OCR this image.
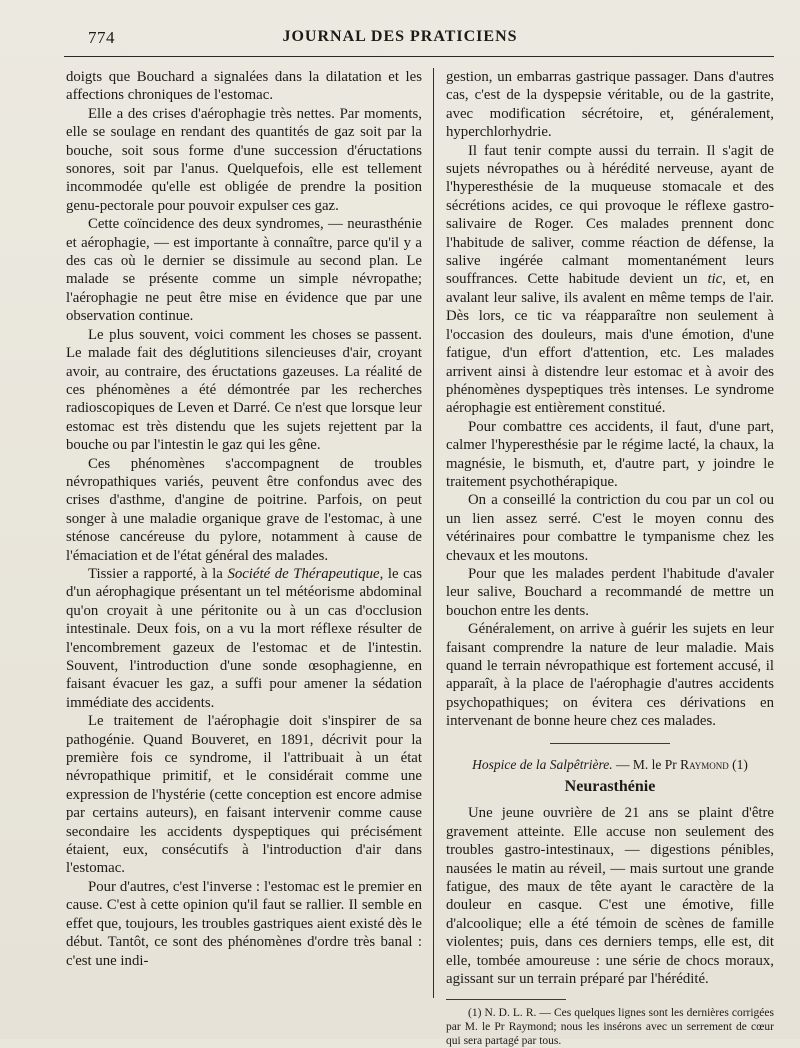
774	JOURNAL DES PRATICIENS

doigts que Bouchard a signalées dans la dilatation et les affections chroniques de l'estomac.

Elle a des crises d'aérophagie très nettes. Par moments, elle se soulage en rendant des quantités de gaz soit par la bouche, soit sous forme d'une succession d'éructations sonores, soit par l'anus. Quelquefois, elle est tellement incommodée qu'elle est obligée de prendre la position genu-pectorale pour pouvoir expulser ces gaz.

Cette coïncidence des deux syndromes, — neurasthénie et aérophagie, — est importante à connaître, parce qu'il y a des cas où le dernier se dissimule au second plan. Le malade se présente comme un simple névropathe; l'aérophagie ne peut être mise en évidence que par une observation continue.

Le plus souvent, voici comment les choses se passent. Le malade fait des déglutitions silencieuses d'air, croyant avoir, au contraire, des éructations gazeuses. La réalité de ces phénomènes a été démontrée par les recherches radioscopiques de Leven et Darré. Ce n'est que lorsque leur estomac est très distendu que les sujets rejettent par la bouche ou par l'intestin le gaz qui les gêne.

Ces phénomènes s'accompagnent de troubles névropathiques variés, peuvent être confondus avec des crises d'asthme, d'angine de poitrine. Parfois, on peut songer à une maladie organique grave de l'estomac, à une sténose cancéreuse du pylore, notamment à cause de l'émaciation et de l'état général des malades.

Tissier a rapporté, à la Société de Thérapeutique, le cas d'un aérophagique présentant un tel météorisme abdominal qu'on croyait à une péritonite ou à un cas d'occlusion intestinale. Deux fois, on a vu la mort réflexe résulter de l'encombrement gazeux de l'estomac et de l'intestin. Souvent, l'introduction d'une sonde œsophagienne, en faisant évacuer les gaz, a suffi pour amener la sédation immédiate des accidents.

Le traitement de l'aérophagie doit s'inspirer de sa pathogénie. Quand Bouveret, en 1891, décrivit pour la première fois ce syndrome, il l'attribuait à un état névropathique primitif, et le considérait comme une expression de l'hystérie (cette conception est encore admise par certains auteurs), en faisant intervenir comme cause secondaire les accidents dyspeptiques qui précisément étaient, eux, consécutifs à l'introduction d'air dans l'estomac.

Pour d'autres, c'est l'inverse : l'estomac est le premier en cause. C'est à cette opinion qu'il faut se rallier. Il semble en effet que, toujours, les troubles gastriques aient existé dès le début. Tantôt, ce sont des phénomènes d'ordre très banal : c'est une indi-

gestion, un embarras gastrique passager. Dans d'autres cas, c'est de la dyspepsie véritable, ou de la gastrite, avec modification sécrétoire, et, généralement, hyperchlorhydrie.

Il faut tenir compte aussi du terrain. Il s'agit de sujets névropathes ou à hérédité nerveuse, ayant de l'hyperesthésie de la muqueuse stomacale et des sécrétions acides, ce qui provoque le réflexe gastro-salivaire de Roger. Ces malades prennent donc l'habitude de saliver, comme réaction de défense, la salive ingérée calmant momentanément leurs souffrances. Cette habitude devient un tic, et, en avalant leur salive, ils avalent en même temps de l'air. Dès lors, ce tic va réapparaître non seulement à l'occasion des douleurs, mais d'une émotion, d'une fatigue, d'un effort d'attention, etc. Les malades arrivent ainsi à distendre leur estomac et à avoir des phénomènes dyspeptiques très intenses. Le syndrome aérophagie est entièrement constitué.

Pour combattre ces accidents, il faut, d'une part, calmer l'hyperesthésie par le régime lacté, la chaux, la magnésie, le bismuth, et, d'autre part, y joindre le traitement psychothérapique.

On a conseillé la contriction du cou par un col ou un lien assez serré. C'est le moyen connu des vétérinaires pour combattre le tympanisme chez les chevaux et les moutons.

Pour que les malades perdent l'habitude d'avaler leur salive, Bouchard a recommandé de mettre un bouchon entre les dents.

Généralement, on arrive à guérir les sujets en leur faisant comprendre la nature de leur maladie. Mais quand le terrain névropathique est fortement accusé, il apparaît, à la place de l'aérophagie d'autres accidents psychopathiques; on évitera ces dérivations en intervenant de bonne heure chez ces malades.

Hospice de la Salpêtrière. — M. le Pr Raymond (1)
Neurasthénie

Une jeune ouvrière de 21 ans se plaint d'être gravement atteinte. Elle accuse non seulement des troubles gastro-intestinaux, — digestions pénibles, nausées le matin au réveil, — mais surtout une grande fatigue, des maux de tête ayant le caractère de la douleur en casque. C'est une émotive, fille d'alcoolique; elle a été témoin de scènes de famille violentes; puis, dans ces derniers temps, elle est, dit elle, tombée amoureuse : une série de chocs moraux, agissant sur un terrain préparé par l'hérédité.

(1) N. D. L. R. — Ces quelques lignes sont les dernières corrigées par M. le Pr Raymond; nous les insérons avec un serrement de cœur qui sera partagé par tous.
